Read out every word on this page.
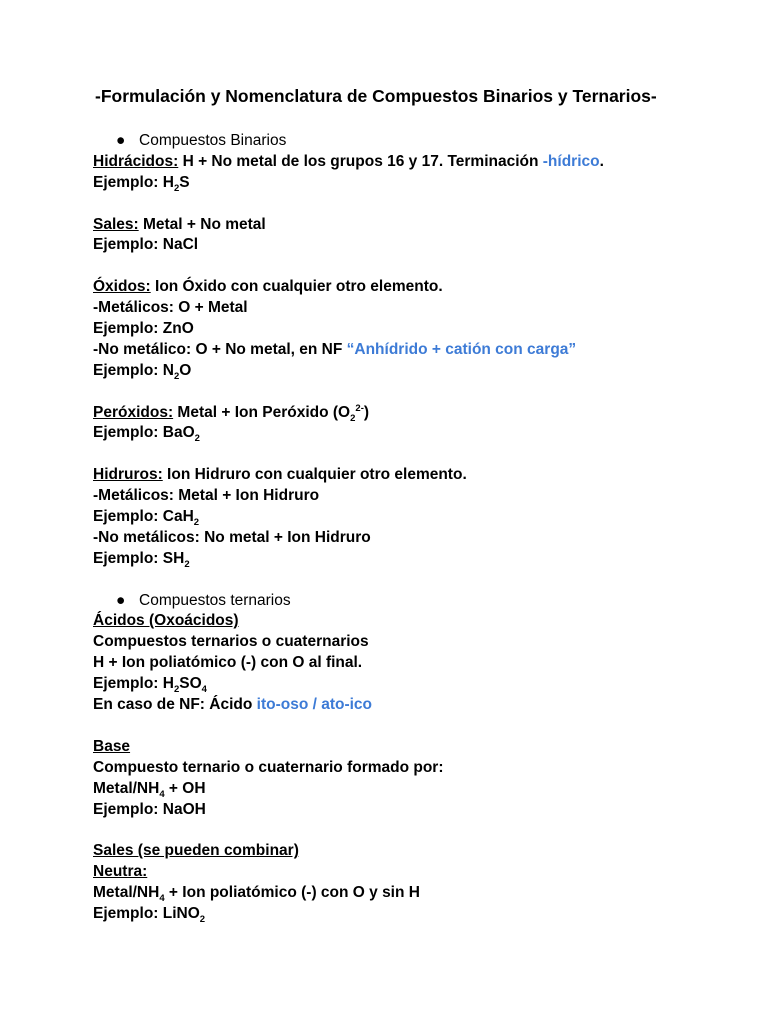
-Formulación y Nomenclatura de Compuestos Binarios y Ternarios-
● Compuestos Binarios
Hidrácidos: H + No metal de los grupos 16 y 17. Terminación -hídrico.
Ejemplo: $H_2S$
Sales: Metal + No metal
Ejemplo: NaCl
Óxidos: Ion Óxido con cualquier otro elemento.
-Metálicos: O + Metal
Ejemplo: ZnO
-No metálico: O + No metal, en NF “Anhídrido + catión con carga”
Ejemplo: $N_2O$
Peróxidos: Metal + Ion Peróxido $(O_2^{2-})$
Ejemplo: BaO$_2$
Hidruros: Ion Hidruro con cualquier otro elemento.
-Metálicos: Metal + Ion Hidruro
Ejemplo: CaH$_2$
-No metálicos: No metal + Ion Hidruro
Ejemplo: $SH_2$
● Compuestos ternarios
Ácidos (Oxoácidos)
Compuestos ternarios o cuaternarios
H + Ion poliatómico (-) con O al final.
Ejemplo: $H_2SO_4$
En caso de NF: Ácido ito-oso / ato-ico
Base
Compuesto ternario o cuaternario formado por:
Metal/$NH_4$ + OH
Ejemplo: NaOH
Sales (se pueden combinar)
Neutra:
Metal/$NH_4$ + Ion poliatómico (-) con O y sin H
Ejemplo: LiNO$_2$
